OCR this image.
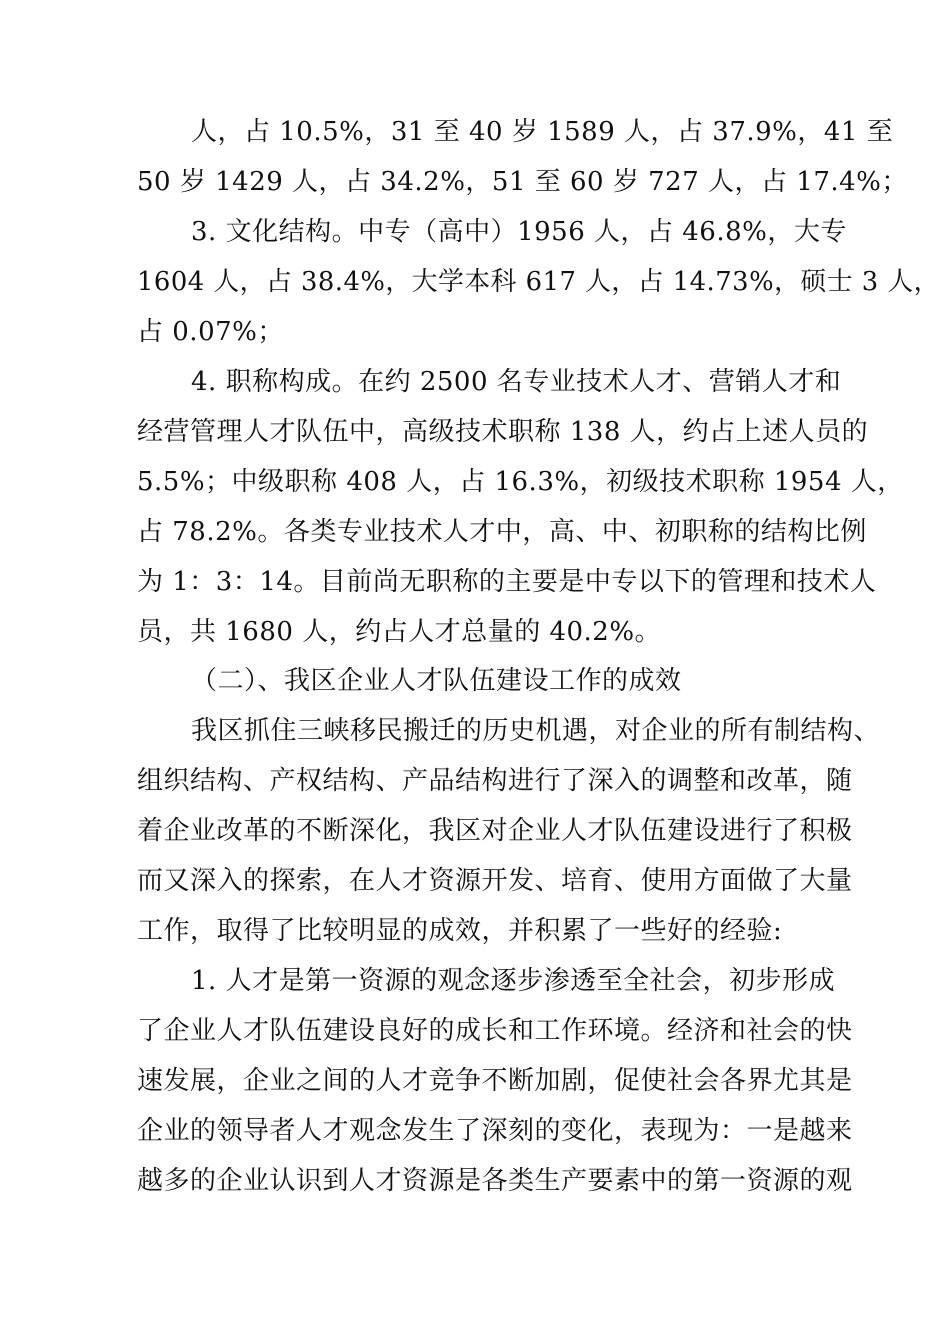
人，占 10.5%，31 至 40 岁 1589 人，占 37.9%，41 至
50 岁 1429 人，占 34.2%，51 至 60 岁 727 人，占 17.4%；
3. 文化结构。中专（高中）1956 人，占 46.8%，大专
1604 人，占 38.4%，大学本科 617 人，占 14.73%，硕士 3 人，
占 0.07%；
4. 职称构成。在约 2500 名专业技术人才、营销人才和
经营管理人才队伍中，高级技术职称 138 人，约占上述人员的
5.5%；中级职称 408 人，占 16.3%，初级技术职称 1954 人，
占 78.2%。各类专业技术人才中，高、中、初职称的结构比例
为 1：3：14。目前尚无职称的主要是中专以下的管理和技术人
员，共 1680 人，约占人才总量的 40.2%。
（二）、我区企业人才队伍建设工作的成效
我区抓住三峡移民搬迁的历史机遇，对企业的所有制结构、
组织结构、产权结构、产品结构进行了深入的调整和改革，随
着企业改革的不断深化，我区对企业人才队伍建设进行了积极
而又深入的探索，在人才资源开发、培育、使用方面做了大量
工作，取得了比较明显的成效，并积累了一些好的经验:
1. 人才是第一资源的观念逐步渗透至全社会，初步形成
了企业人才队伍建设良好的成长和工作环境。经济和社会的快
速发展，企业之间的人才竞争不断加剧，促使社会各界尤其是
企业的领导者人才观念发生了深刻的变化，表现为：一是越来
越多的企业认识到人才资源是各类生产要素中的第一资源的观
